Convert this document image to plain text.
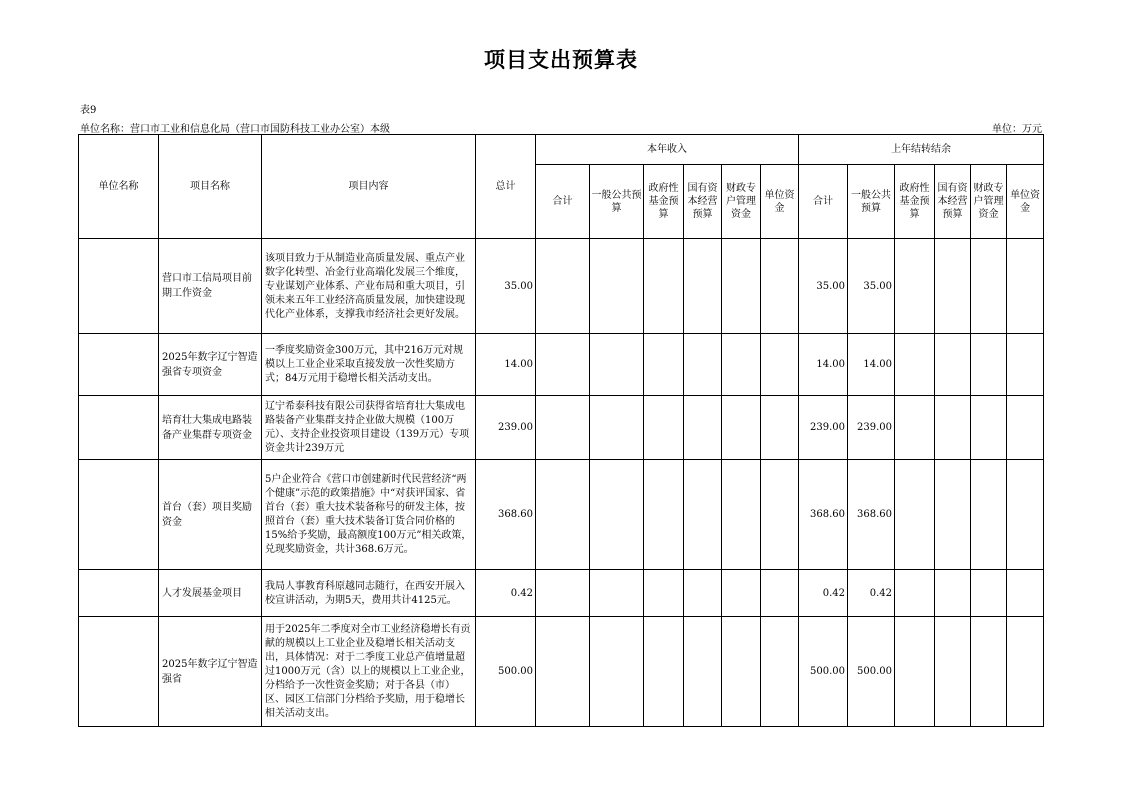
项目支出预算表
表9
单位名称：营口市工业和信息化局（营口市国防科技工业办公室）本级	单位：万元
单位名称	项目名称	项目内容	总计	本年收入						上年结转结余					
				合计	一般公共预算	政府性基金预算	国有资本经营预算	财政专户管理资金	单位资金	合计	一般公共预算	政府性基金预算	国有资本经营预算	财政专户管理资金	单位资金
	营口市工信局项目前期工作资金	该项目致力于从制造业高质量发展、重点产业数字化转型、冶金行业高端化发展三个维度，专业谋划产业体系、产业布局和重大项目，引领未来五年工业经济高质量发展，加快建设现代化产业体系，支撑我市经济社会更好发展。	35.00							35.00	35.00				
	2025年数字辽宁智造强省专项资金	一季度奖励资金300万元，其中216万元对规模以上工业企业采取直接发放一次性奖励方式；84万元用于稳增长相关活动支出。	14.00							14.00	14.00				
	培育壮大集成电路装备产业集群专项资金	辽宁希泰科技有限公司获得省培育壮大集成电路装备产业集群支持企业做大规模（100万元）、支持企业投资项目建设（139万元）专项资金共计239万元	239.00							239.00	239.00				
	首台（套）项目奖励资金	5户企业符合《营口市创建新时代民营经济“两个健康”示范的政策措施》中“对获评国家、省首台（套）重大技术装备称号的研发主体，按照首台（套）重大技术装备订货合同价格的15%给予奖励，最高额度100万元”相关政策，兑现奖励资金，共计368.6万元。	368.60							368.60	368.60				
	人才发展基金项目	我局人事教育科原越同志随行，在西安开展入校宣讲活动，为期5天，费用共计4125元。	0.42							0.42	0.42				
	2025年数字辽宁智造强省	用于2025年二季度对全市工业经济稳增长有贡献的规模以上工业企业及稳增长相关活动支出，具体情况：对于二季度工业总产值增量超过1000万元（含）以上的规模以上工业企业，分档给予一次性资金奖励；对于各县（市）区、园区工信部门分档给予奖励，用于稳增长相关活动支出。	500.00							500.00	500.00				
